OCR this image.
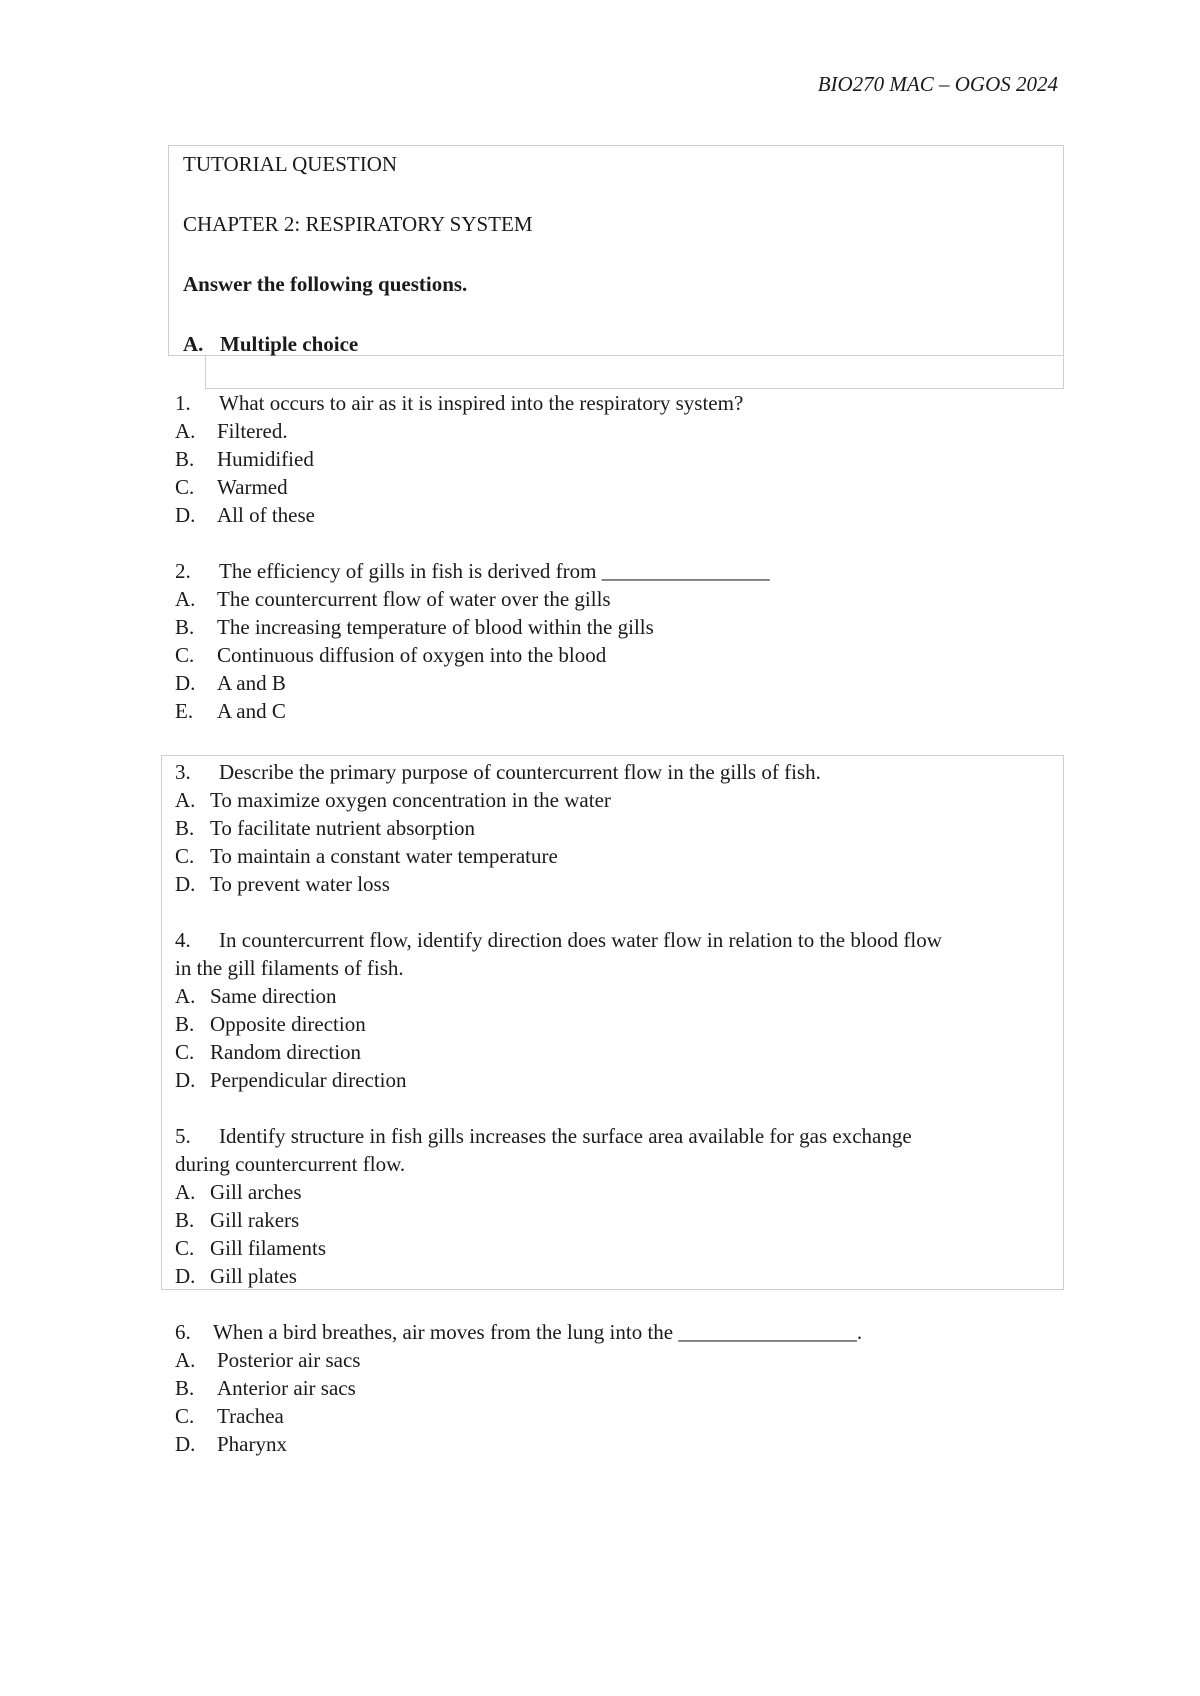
BIO270 MAC – OGOS 2024
TUTORIAL QUESTION
CHAPTER 2: RESPIRATORY SYSTEM
Answer the following questions.
A. Multiple choice
1. What occurs to air as it is inspired into the respiratory system?
A. Filtered.
B. Humidified
C. Warmed
D. All of these
2. The efficiency of gills in fish is derived from ________________
A. The countercurrent flow of water over the gills
B. The increasing temperature of blood within the gills
C. Continuous diffusion of oxygen into the blood
D. A and B
E. A and C
3. Describe the primary purpose of countercurrent flow in the gills of fish.
A. To maximize oxygen concentration in the water
B. To facilitate nutrient absorption
C. To maintain a constant water temperature
D. To prevent water loss
4. In countercurrent flow, identify direction does water flow in relation to the blood flow
in the gill filaments of fish.
A. Same direction
B. Opposite direction
C. Random direction
D. Perpendicular direction
5. Identify structure in fish gills increases the surface area available for gas exchange
during countercurrent flow.
A. Gill arches
B. Gill rakers
C. Gill filaments
D. Gill plates
6. When a bird breathes, air moves from the lung into the _________________.
A. Posterior air sacs
B. Anterior air sacs
C. Trachea
D. Pharynx
